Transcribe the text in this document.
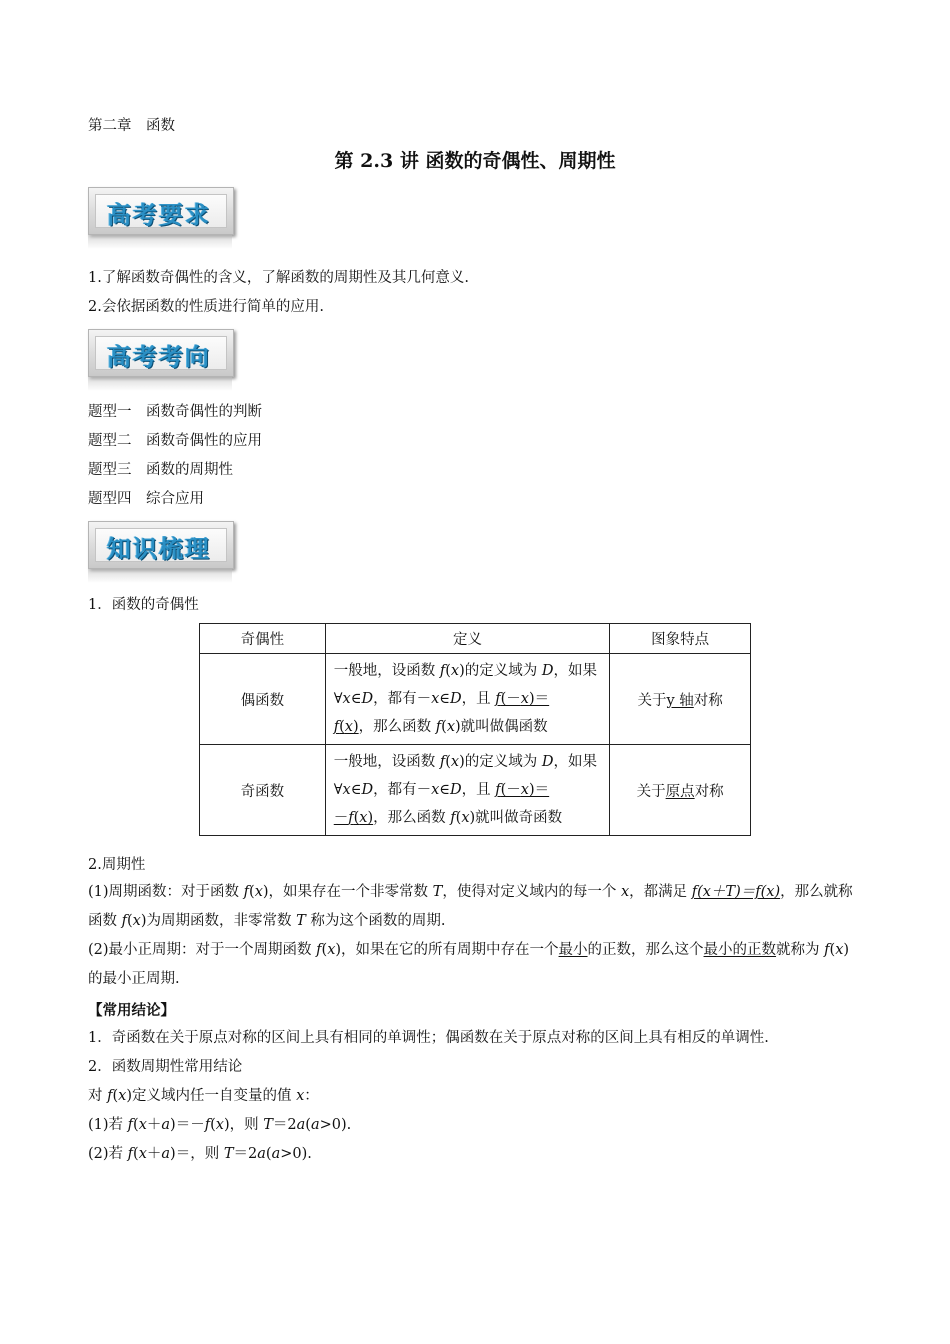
第二章　函数
第 2.3 讲 函数的奇偶性、周期性
高考要求
1.了解函数奇偶性的含义，了解函数的周期性及其几何意义.
2.会依据函数的性质进行简单的应用.
高考考向
题型一　函数奇偶性的判断
题型二　函数奇偶性的应用
题型三　函数的周期性
题型四　综合应用
知识梳理
1．函数的奇偶性
奇偶性	定义	图象特点
偶函数	一般地，设函数 f(x)的定义域为 D，如果∀x∈D，都有－x∈D，且 f(－x)＝
f(x)，那么函数 f(x)就叫做偶函数	关于y 轴对称
奇函数	一般地，设函数 f(x)的定义域为 D，如果∀x∈D，都有－x∈D，且 f(－x)＝
－f(x)，那么函数 f(x)就叫做奇函数	关于原点对称
2.周期性
(1)周期函数：对于函数 f(x)，如果存在一个非零常数 T，使得对定义域内的每一个 x，都满足 f(x＋T)＝f(x)，那么就称函数 f(x)为周期函数，非零常数 T 称为这个函数的周期.
(2)最小正周期：对于一个周期函数 f(x)，如果在它的所有周期中存在一个最小的正数，那么这个最小的正数就称为 f(x)的最小正周期.
【常用结论】
1．奇函数在关于原点对称的区间上具有相同的单调性；偶函数在关于原点对称的区间上具有相反的单调性.
2．函数周期性常用结论
对 f(x)定义域内任一自变量的值 x：
(1)若 f(x＋a)＝－f(x)，则 T＝2a(a>0).
(2)若 f(x＋a)＝，则 T＝2a(a>0).
